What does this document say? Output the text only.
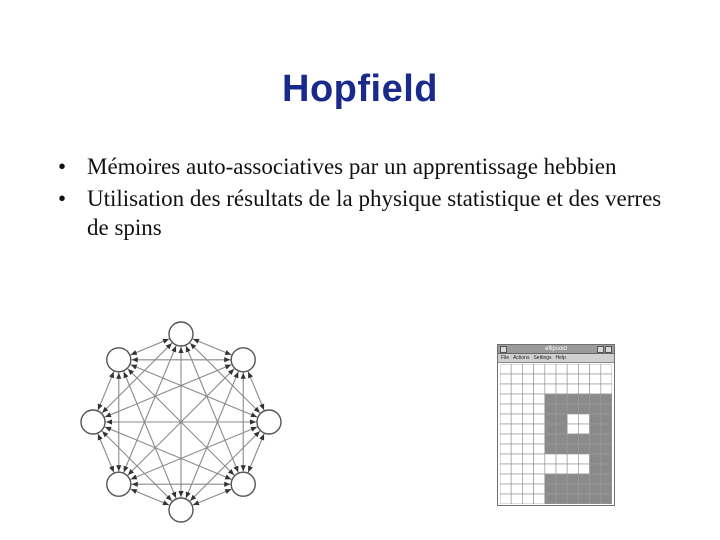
Hopfield
• Mémoires auto-associatives par un apprentissage hebbien
• Utilisation des résultats de la physique statistique et des verres de spins
ellipsoid
File Actions Settings Help
